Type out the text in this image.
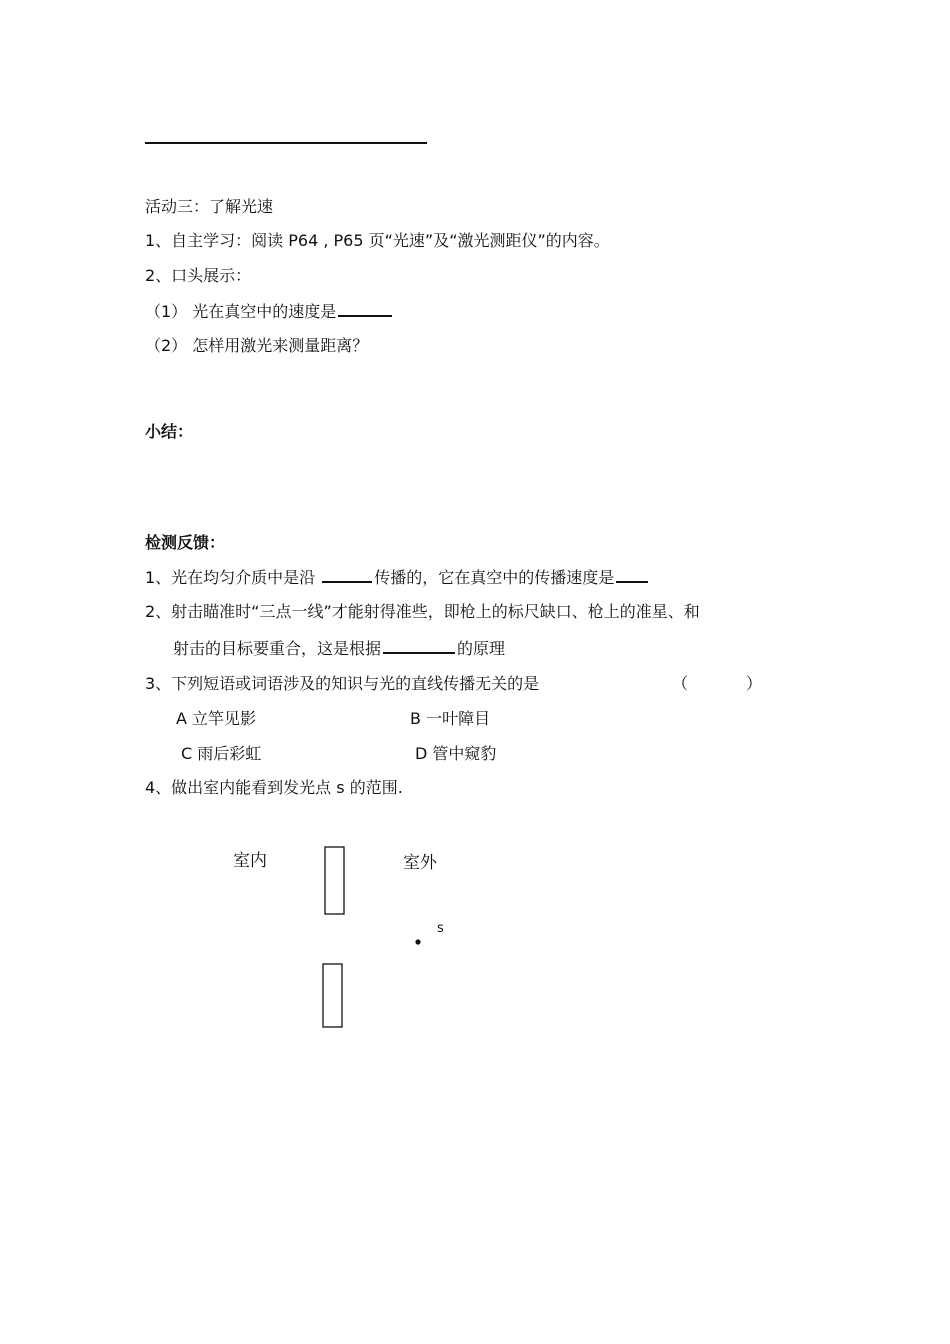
活动三：了解光速
1、自主学习：阅读 P64 , P65 页“光速”及“激光测距仪”的内容。
2、口头展示：
（1） 光在真空中的速度是
（2） 怎样用激光来测量距离？
小结：
检测反馈：
1、光在均匀介质中是沿	传播的，它在真空中的传播速度是
2、射击瞄准时“三点一线”才能射得准些，即枪上的标尺缺口、枪上的准星、和
射击的目标要重合，这是根据	的原理
3、下列短语或词语涉及的知识与光的直线传播无关的是	（	）
A 立竿见影	B 一叶障目
C 雨后彩虹	D 管中窥豹
4、做出室内能看到发光点 s 的范围.
室内	室外
s
